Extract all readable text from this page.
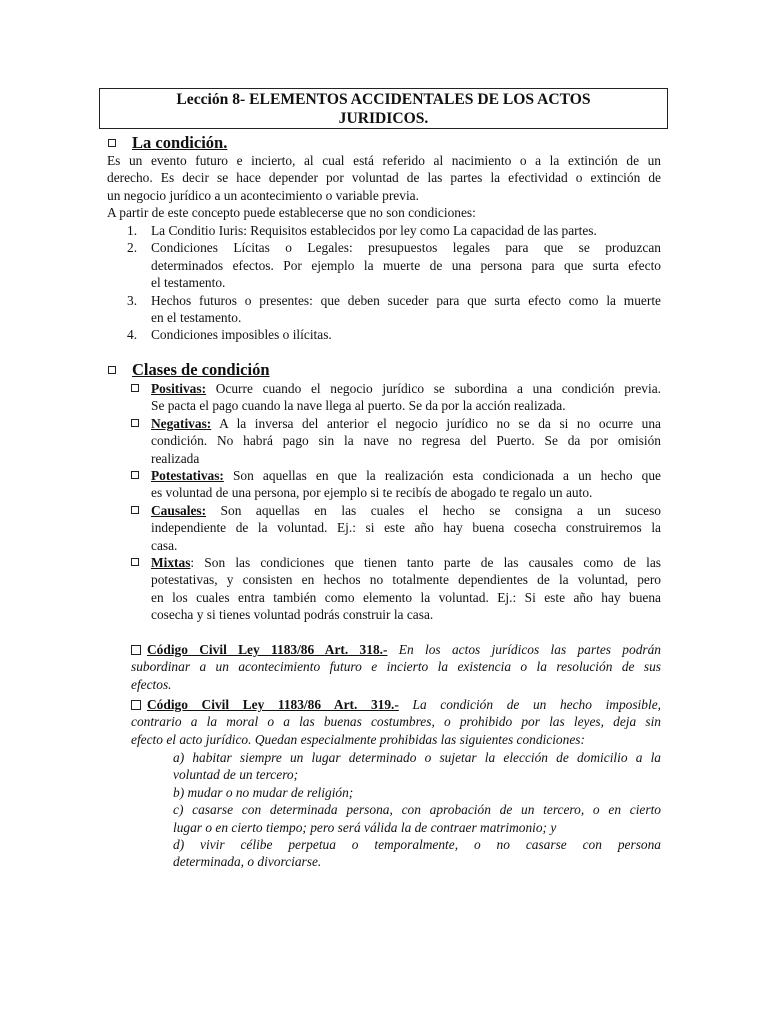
Lección 8- ELEMENTOS ACCIDENTALES DE LOS ACTOS
JURIDICOS.
La condición.
Es un evento futuro e incierto, al cual está referido al nacimiento o a la extinción de un
derecho. Es decir se hace depender por voluntad de las partes la efectividad o extinción de
un negocio jurídico a un acontecimiento o variable previa.
A partir de este concepto puede establecerse que no son condiciones:
1. La Conditio Iuris: Requisitos establecidos por ley como La capacidad de las partes.
2. Condiciones Lícitas o Legales: presupuestos legales para que se produzcan
determinados efectos. Por ejemplo la muerte de una persona para que surta efecto
el testamento.
3. Hechos futuros o presentes: que deben suceder para que surta efecto como la muerte
en el testamento.
4. Condiciones imposibles o ilícitas.
Clases de condición
Positivas: Ocurre cuando el negocio jurídico se subordina a una condición previa.
Se pacta el pago cuando la nave llega al puerto. Se da por la acción realizada.
Negativas: A la inversa del anterior el negocio jurídico no se da si no ocurre una
condición. No habrá pago sin la nave no regresa del Puerto. Se da por omisión
realizada
Potestativas: Son aquellas en que la realización esta condicionada a un hecho que
es voluntad de una persona, por ejemplo si te recibís de abogado te regalo un auto.
Causales: Son aquellas en las cuales el hecho se consigna a un suceso
independiente de la voluntad. Ej.: si este año hay buena cosecha construiremos la
casa.
Mixtas: Son las condiciones que tienen tanto parte de las causales como de las
potestativas, y consisten en hechos no totalmente dependientes de la voluntad, pero
en los cuales entra también como elemento la voluntad. Ej.: Si este año hay buena
cosecha y si tienes voluntad podrás construir la casa.
Código Civil Ley 1183/86 Art. 318.- En los actos jurídicos las partes podrán
subordinar a un acontecimiento futuro e incierto la existencia o la resolución de sus
efectos.
Código Civil Ley 1183/86 Art. 319.- La condición de un hecho imposible,
contrario a la moral o a las buenas costumbres, o prohibido por las leyes, deja sin
efecto el acto jurídico. Quedan especialmente prohibidas las siguientes condiciones:
a) habitar siempre un lugar determinado o sujetar la elección de domicilio a la
voluntad de un tercero;
b) mudar o no mudar de religión;
c) casarse con determinada persona, con aprobación de un tercero, o en cierto
lugar o en cierto tiempo; pero será válida la de contraer matrimonio; y
d) vivir célibe perpetua o temporalmente, o no casarse con persona
determinada, o divorciarse.
